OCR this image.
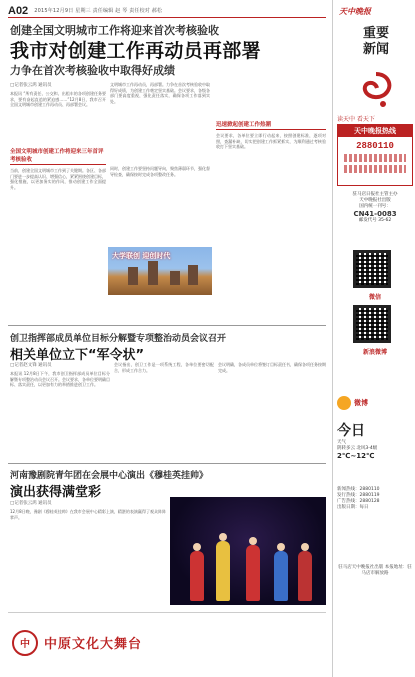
A02 2015年12月9日 星期三 责任编辑 赵 琴 责任校对 郝松
创建全国文明城市工作将迎来首次考核验收
我市对创建工作再动员再部署
力争在首次考核验收中取得好成绩
□记者张云鸿 通讯员
本报讯 “所有责任、公交和、出租车的各项创建任务要求，要有奋起直追的紧迫感……”12月8日，我市召开全国文明城市创建工作再动员、再部署会议。
全国文明城市创建工作将迎来三年首评考核验收
当前，创建全国文明城市工作到了关键期。各区、各部门要进一步提高认识、增强信心，紧紧围绕创建目标，强化措施，以更加务实的作风，推动创建工作全面提升。
文明城市工作再动员，再部署。力争在首次考核验收中取得好成绩，为创建工作奠定坚实基础。会议要求，各级各部门要高度重视，强化责任落实，确保各项工作落到实处。
同时，创建工作要坚持问题导向，聚焦薄弱环节，强化督导检查，确保按时完成各项整改任务。
大学联创 迎创时代
迅速掀起创建工作热潮
会议要求，各单位要立即行动起来，按照创建标准，逐项对照，查漏补缺，切实把创建工作抓紧抓实，为顺利通过考核验收打下坚实基础。
创卫指挥部成员单位目标分解暨专项整治动员会议召开
相关单位立下“军令状”
□记者赵文锋 通讯员
本报讯 12月8日下午，我市创卫指挥部成员单位目标分解暨专项整治动员会议召开。会议要求，各单位要明确目标、落实责任，以更加有力的举措推进创卫工作。
会议指出，创卫工作是一项系统工程，各单位要密切配合，形成工作合力。
会议明确，各成员单位将签订目标责任书，确保各项任务按期完成。
河南豫剧院青年团在会展中心演出《穆桂英挂帅》
演出获得满堂彩
□记者张云鸿 通讯员
12月8日晚，豫剧《穆桂英挂帅》在我市会展中心精彩上演，精湛的表演赢得了观众阵阵掌声。
中	中原文化大舞台
天中晚报
重要
新闻
读天中 看天下
天中晚报热线
2880110
驻马店日报社主管主办
天中晚报社出版
国内统一刊号：
CN41-0083
邮发代号 35-62
微信
新浪微博
微博
今日
天气
阴转多云 北风3-4级
2℃~12℃
新闻热线：2880110
发行热线：2880119
广告热线：2880128
出版日期：每日
驻马店天中晚报社出版 本报地址：驻马店市解放路
